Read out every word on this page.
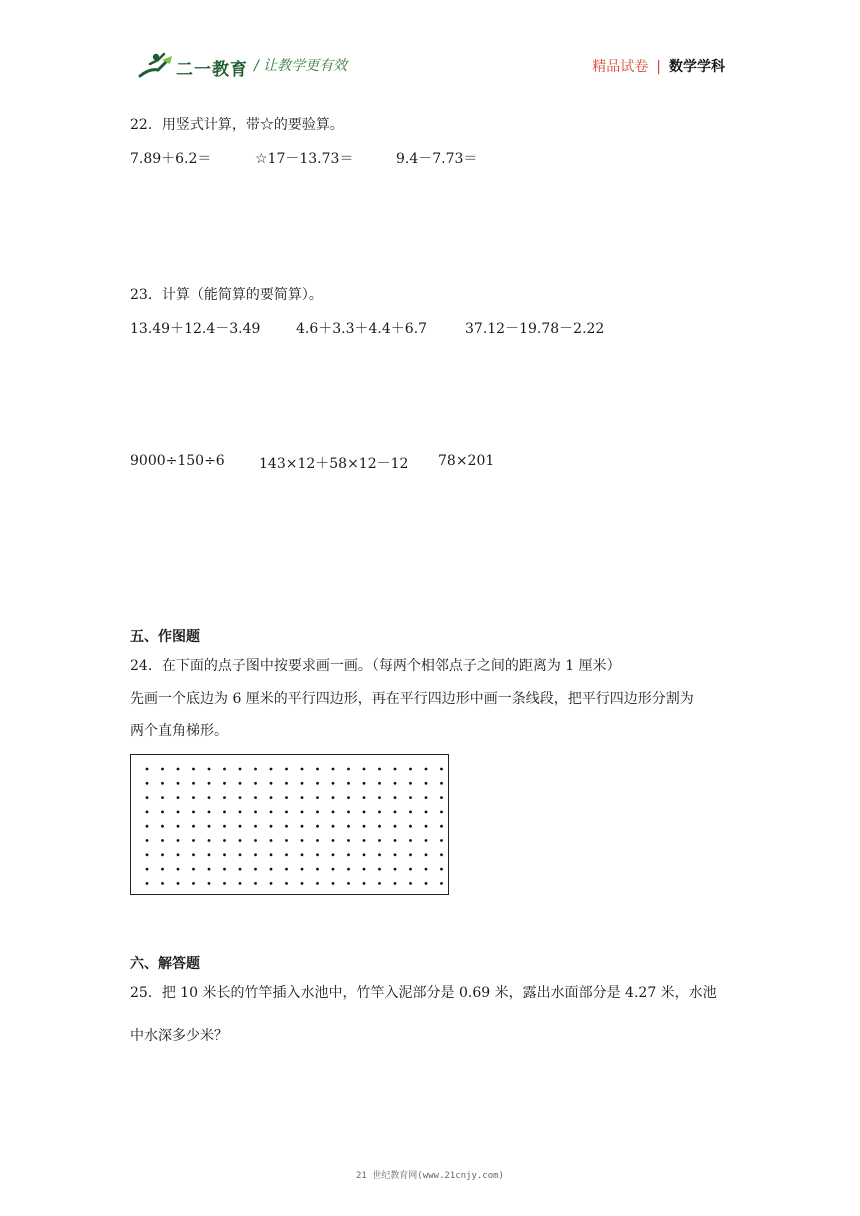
二一教育 / 让教学更有效	精品试卷 | 数学学科
22．用竖式计算，带☆的要验算。
7.89＋6.2＝	☆17－13.73＝	9.4－7.73＝
23．计算（能简算的要简算）。
13.49＋12.4－3.49	4.6＋3.3＋4.4＋6.7	37.12－19.78－2.22
9000÷150÷6 143×12＋58×12－12 78×201
五、作图题
24．在下面的点子图中按要求画一画。（每两个相邻点子之间的距离为 1 厘米）
先画一个底边为 6 厘米的平行四边形，再在平行四边形中画一条线段，把平行四边形分割为
两个直角梯形。
六、解答题
25．把 10 米长的竹竿插入水池中，竹竿入泥部分是 0.69 米，露出水面部分是 4.27 米，水池
中水深多少米？
21 世纪教育网(www.21cnjy.com)
